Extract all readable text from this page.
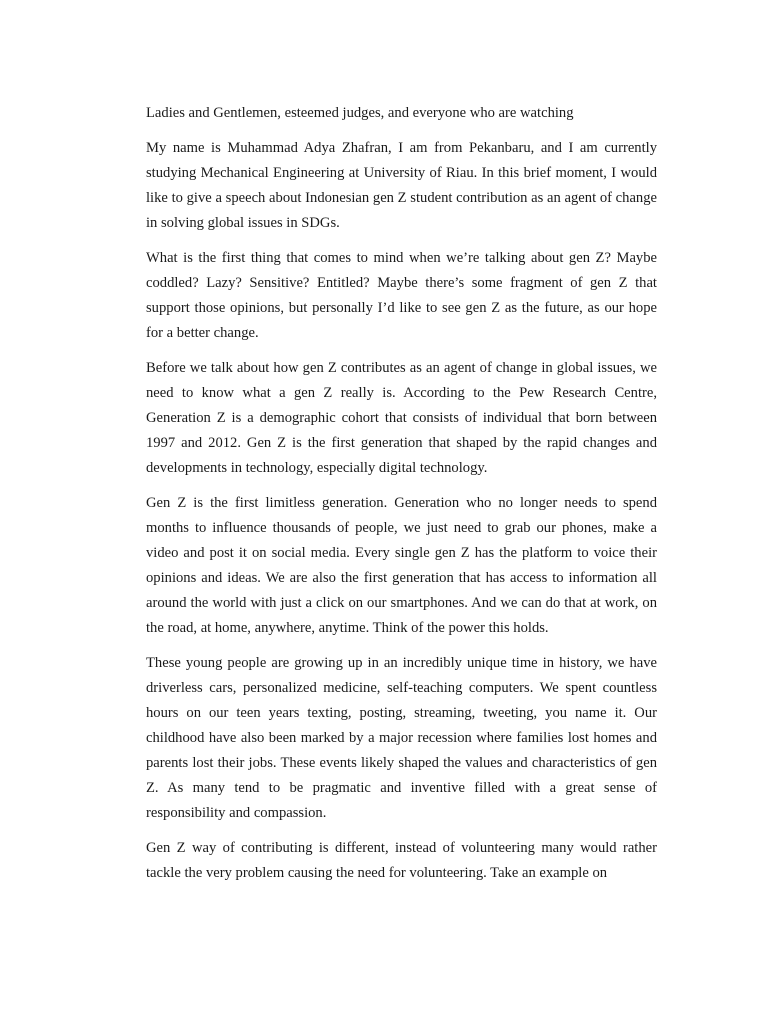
Ladies and Gentlemen, esteemed judges, and everyone who are watching

My name is Muhammad Adya Zhafran, I am from Pekanbaru, and I am currently studying Mechanical Engineering at University of Riau. In this brief moment, I would like to give a speech about Indonesian gen Z student contribution as an agent of change in solving global issues in SDGs.

What is the first thing that comes to mind when we’re talking about gen Z? Maybe coddled? Lazy? Sensitive? Entitled? Maybe there’s some fragment of gen Z that support those opinions, but personally I’d like to see gen Z as the future, as our hope for a better change.

Before we talk about how gen Z contributes as an agent of change in global issues, we need to know what a gen Z really is. According to the Pew Research Centre, Generation Z is a demographic cohort that consists of individual that born between 1997 and 2012. Gen Z is the first generation that shaped by the rapid changes and developments in technology, especially digital technology.

Gen Z is the first limitless generation. Generation who no longer needs to spend months to influence thousands of people, we just need to grab our phones, make a video and post it on social media. Every single gen Z has the platform to voice their opinions and ideas. We are also the first generation that has access to information all around the world with just a click on our smartphones. And we can do that at work, on the road, at home, anywhere, anytime. Think of the power this holds.

These young people are growing up in an incredibly unique time in history, we have driverless cars, personalized medicine, self-teaching computers. We spent countless hours on our teen years texting, posting, streaming, tweeting, you name it. Our childhood have also been marked by a major recession where families lost homes and parents lost their jobs. These events likely shaped the values and characteristics of gen Z. As many tend to be pragmatic and inventive filled with a great sense of responsibility and compassion.

Gen Z way of contributing is different, instead of volunteering many would rather tackle the very problem causing the need for volunteering. Take an example on
